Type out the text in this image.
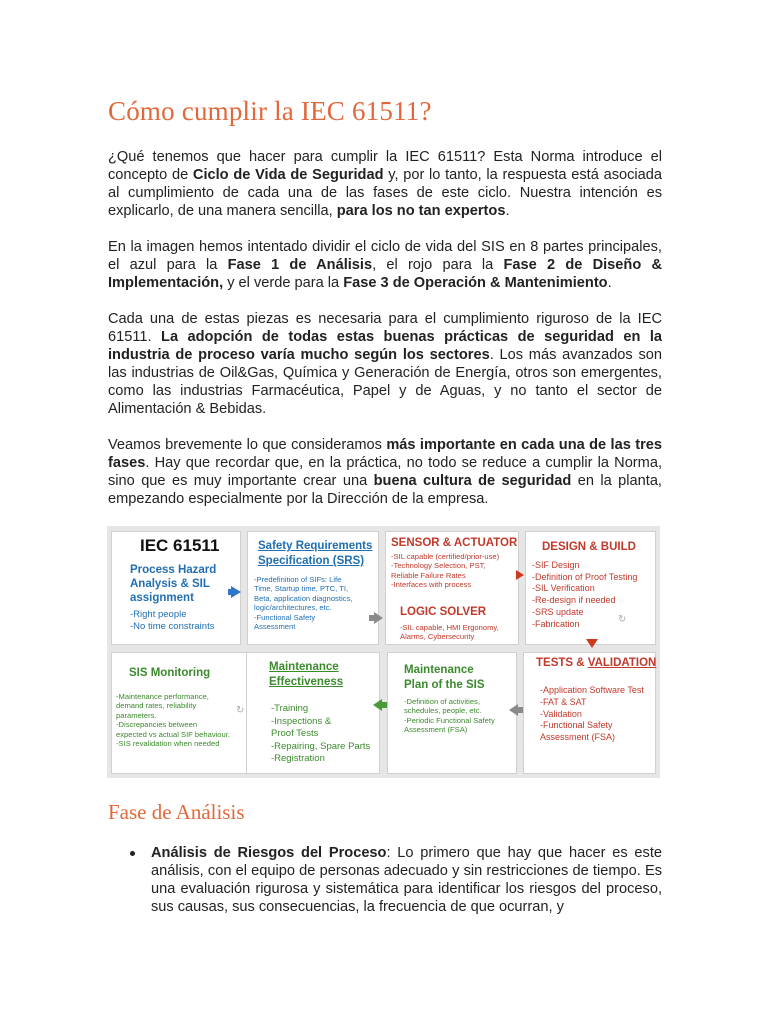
Cómo cumplir la IEC 61511?

¿Qué tenemos que hacer para cumplir la IEC 61511? Esta Norma introduce el concepto de Ciclo de Vida de Seguridad y, por lo tanto, la respuesta está asociada al cumplimiento de cada una de las fases de este ciclo. Nuestra intención es explicarlo, de una manera sencilla, para los no tan expertos.

En la imagen hemos intentado dividir el ciclo de vida del SIS en 8 partes principales, el azul para la Fase 1 de Análisis, el rojo para la Fase 2 de Diseño & Implementación, y el verde para la Fase 3 de Operación & Mantenimiento.

Cada una de estas piezas es necesaria para el cumplimiento riguroso de la IEC 61511. La adopción de todas estas buenas prácticas de seguridad en la industria de proceso varía mucho según los sectores. Los más avanzados son las industrias de Oil&Gas, Química y Generación de Energía, otros son emergentes, como las industrias Farmacéutica, Papel y de Aguas, y no tanto el sector de Alimentación & Bebidas.

Veamos brevemente lo que consideramos más importante en cada una de las tres fases. Hay que recordar que, en la práctica, no todo se reduce a cumplir la Norma, sino que es muy importante crear una buena cultura de seguridad en la planta, empezando especialmente por la Dirección de la empresa.

IEC 61511
Process Hazard
Analysis & SIL
assignment
-Right people
-No time constraints
Safety Requirements
Specification (SRS)
-Predefinition of SIFs: Life
Time, Startup time, PTC, TI,
Beta, application diagnostics,
logic/architectures, etc.
-Functional Safety
Assessment
SENSOR & ACTUATOR
-SIL capable (certified/prior-use)
-Technology Selection, PST,
Reliable Failure Rates
-Interfaces with process
LOGIC SOLVER
-SIL capable, HMI Ergonomy,
Alarms, Cybersecurity
DESIGN & BUILD
-SIF Design
-Definition of Proof Testing
-SIL Verification
-Re-design if needed
-SRS update
-Fabrication	↻
SIS Monitoring
-Maintenance performance,
demand rates, reliability
parameters.
-Discrepancies between
expected vs actual SIF behaviour.
-SIS revalidation when needed
↻
Maintenance
Effectiveness
-Training
-Inspections &
Proof Tests
-Repairing, Spare Parts
-Registration
Maintenance
Plan of the SIS
-Definition of activities,
schedules, people, etc.
-Periodic Functional Safety
Assessment (FSA)
TESTS & VALIDATION
-Application Software Test
-FAT & SAT
-Validation
-Functional Safety
Assessment (FSA)
Fase de Análisis
Análisis de Riesgos del Proceso: Lo primero que hay que hacer es este análisis, con el equipo de personas adecuado y sin restricciones de tiempo. Es una evaluación rigurosa y sistemática para identificar los riesgos del proceso, sus causas, sus consecuencias, la frecuencia de que ocurran, y
